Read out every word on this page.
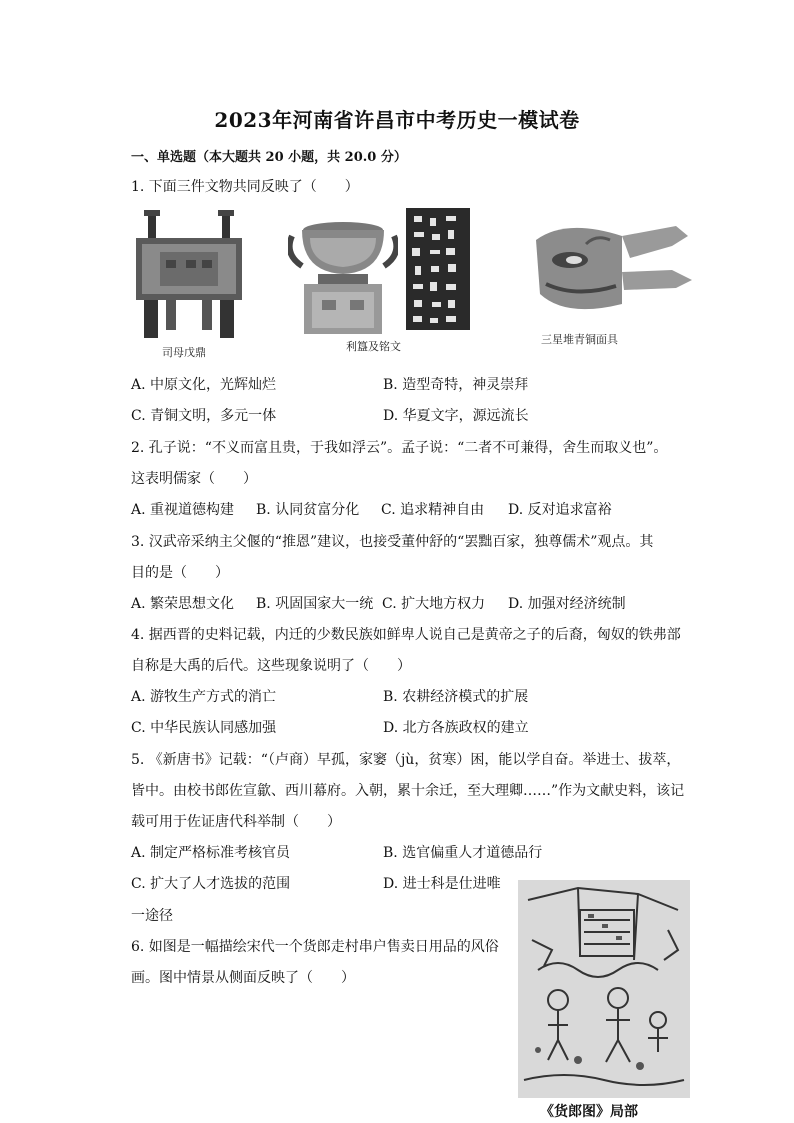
2023年河南省许昌市中考历史一模试卷
一、单选题（本大题共 20 小题，共 20.0 分）
1. 下面三件文物共同反映了（　　）
司母戊鼎	利簋及铭文
三星堆青铜面具
A. 中原文化，光辉灿烂	B. 造型奇特，神灵崇拜
C. 青铜文明，多元一体	D. 华夏文字，源远流长
2. 孔子说：“不义而富且贵，于我如浮云”。孟子说：“二者不可兼得，舍生而取义也”。
这表明儒家（　　）
A. 重视道德构建 B. 认同贫富分化 C. 追求精神自由 D. 反对追求富裕
3. 汉武帝采纳主父偃的“推恩”建议，也接受董仲舒的“罢黜百家，独尊儒术”观点。其
目的是（　　）
A. 繁荣思想文化 B. 巩固国家大一统 C. 扩大地方权力 D. 加强对经济统制
4. 据西晋的史料记载，内迁的少数民族如鲜卑人说自己是黄帝之子的后裔，匈奴的铁弗部
自称是大禹的后代。这些现象说明了（　　）
A. 游牧生产方式的消亡	B. 农耕经济模式的扩展
C. 中华民族认同感加强	D. 北方各族政权的建立
5. 《新唐书》记载：“（卢商）早孤，家窭（jù，贫寒）困，能以学自奋。举进士、拔萃，
皆中。由校书郎佐宣歙、西川幕府。入朝，累十余迁，至大理卿……”作为文献史料，该记
载可用于佐证唐代科举制（　　）
A. 制定严格标准考核官员	B. 选官偏重人才道德品行
C. 扩大了人才选拔的范围	D. 进士科是仕进唯
一途径
6. 如图是一幅描绘宋代一个货郎走村串户售卖日用品的风俗
画。图中情景从侧面反映了（　　）
《货郎图》局部
